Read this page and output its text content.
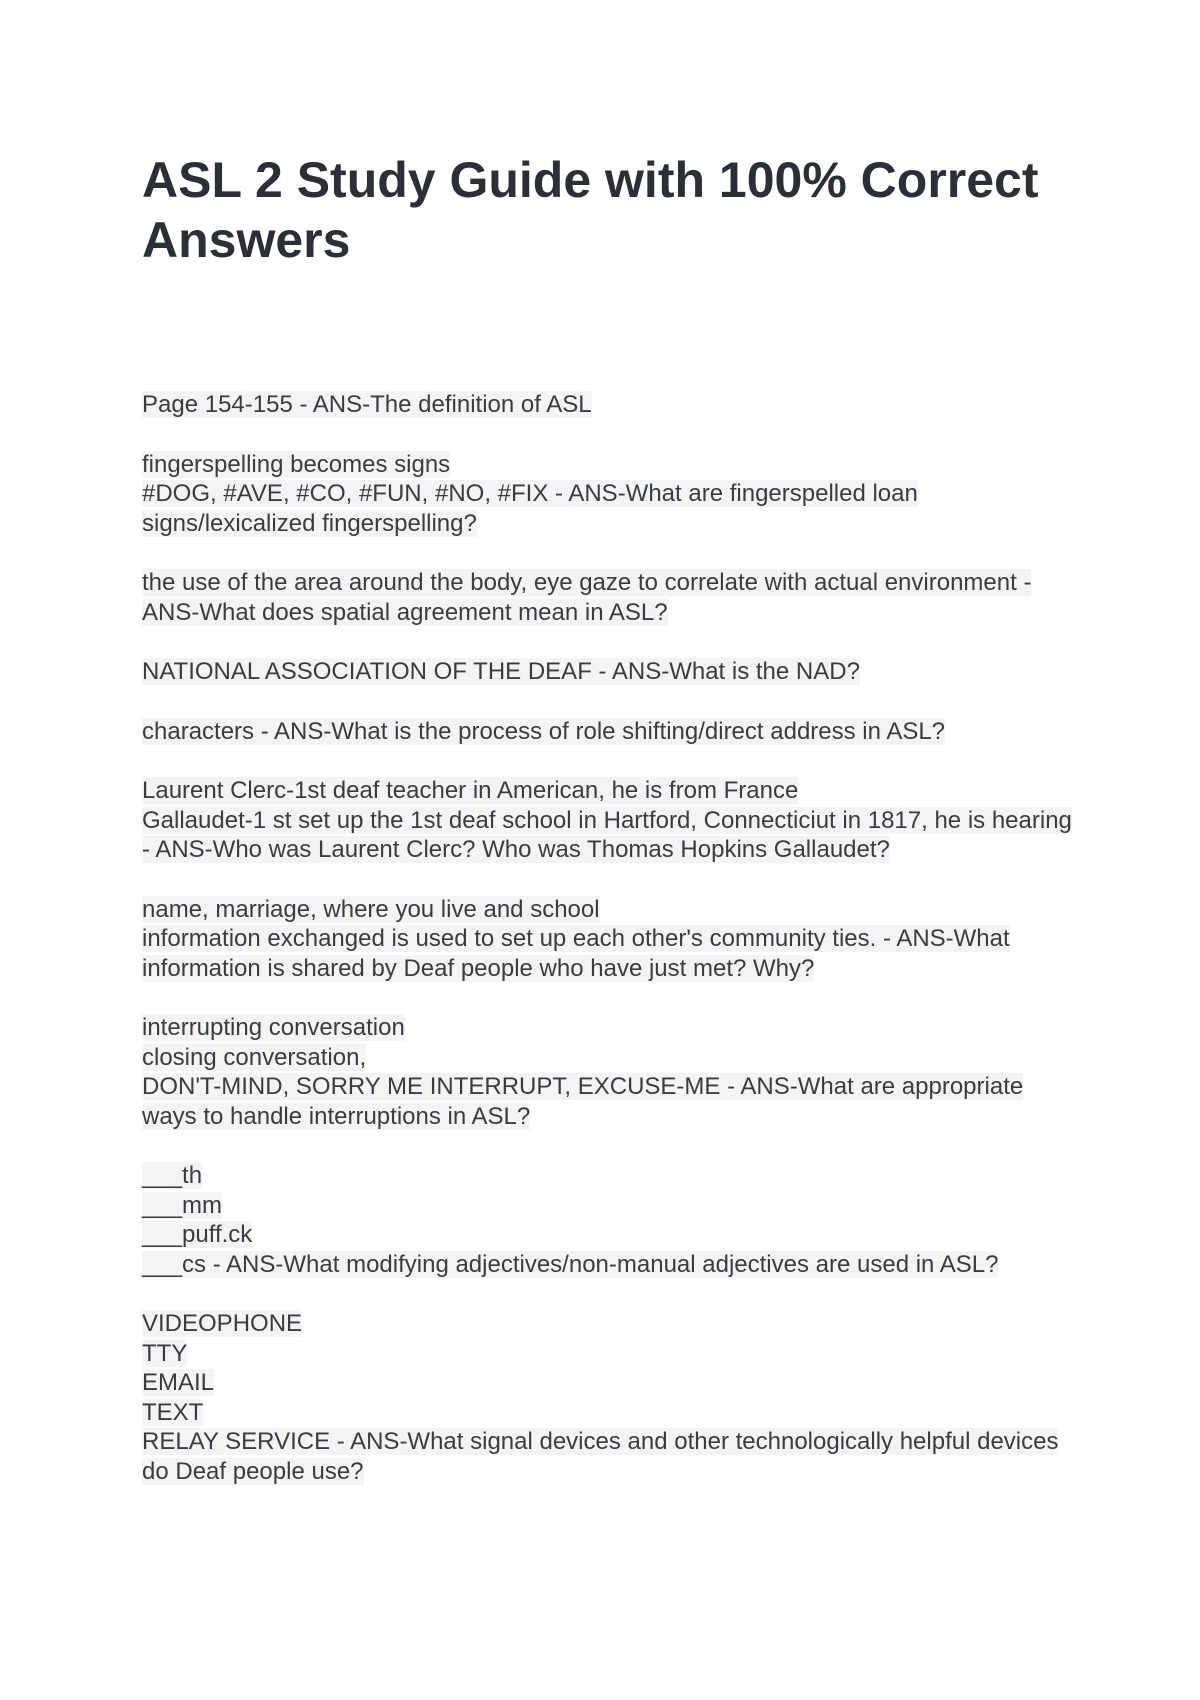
ASL 2 Study Guide with 100% Correct
Answers
Page 154-155 - ANS-The definition of ASL
fingerspelling becomes signs
#DOG, #AVE, #CO, #FUN, #NO, #FIX - ANS-What are fingerspelled loan
signs/lexicalized fingerspelling?
the use of the area around the body, eye gaze to correlate with actual environment -
ANS-What does spatial agreement mean in ASL?
NATIONAL ASSOCIATION OF THE DEAF - ANS-What is the NAD?
characters - ANS-What is the process of role shifting/direct address in ASL?
Laurent Clerc-1st deaf teacher in American, he is from France
Gallaudet-1 st set up the 1st deaf school in Hartford, Connecticiut in 1817, he is hearing
- ANS-Who was Laurent Clerc? Who was Thomas Hopkins Gallaudet?
name, marriage, where you live and school
information exchanged is used to set up each other's community ties. - ANS-What
information is shared by Deaf people who have just met? Why?
interrupting conversation
closing conversation,
DON'T-MIND, SORRY ME INTERRUPT, EXCUSE-ME - ANS-What are appropriate
ways to handle interruptions in ASL?
___th
___mm
___puff.ck
___cs - ANS-What modifying adjectives/non-manual adjectives are used in ASL?
VIDEOPHONE
TTY
EMAIL
TEXT
RELAY SERVICE - ANS-What signal devices and other technologically helpful devices
do Deaf people use?
